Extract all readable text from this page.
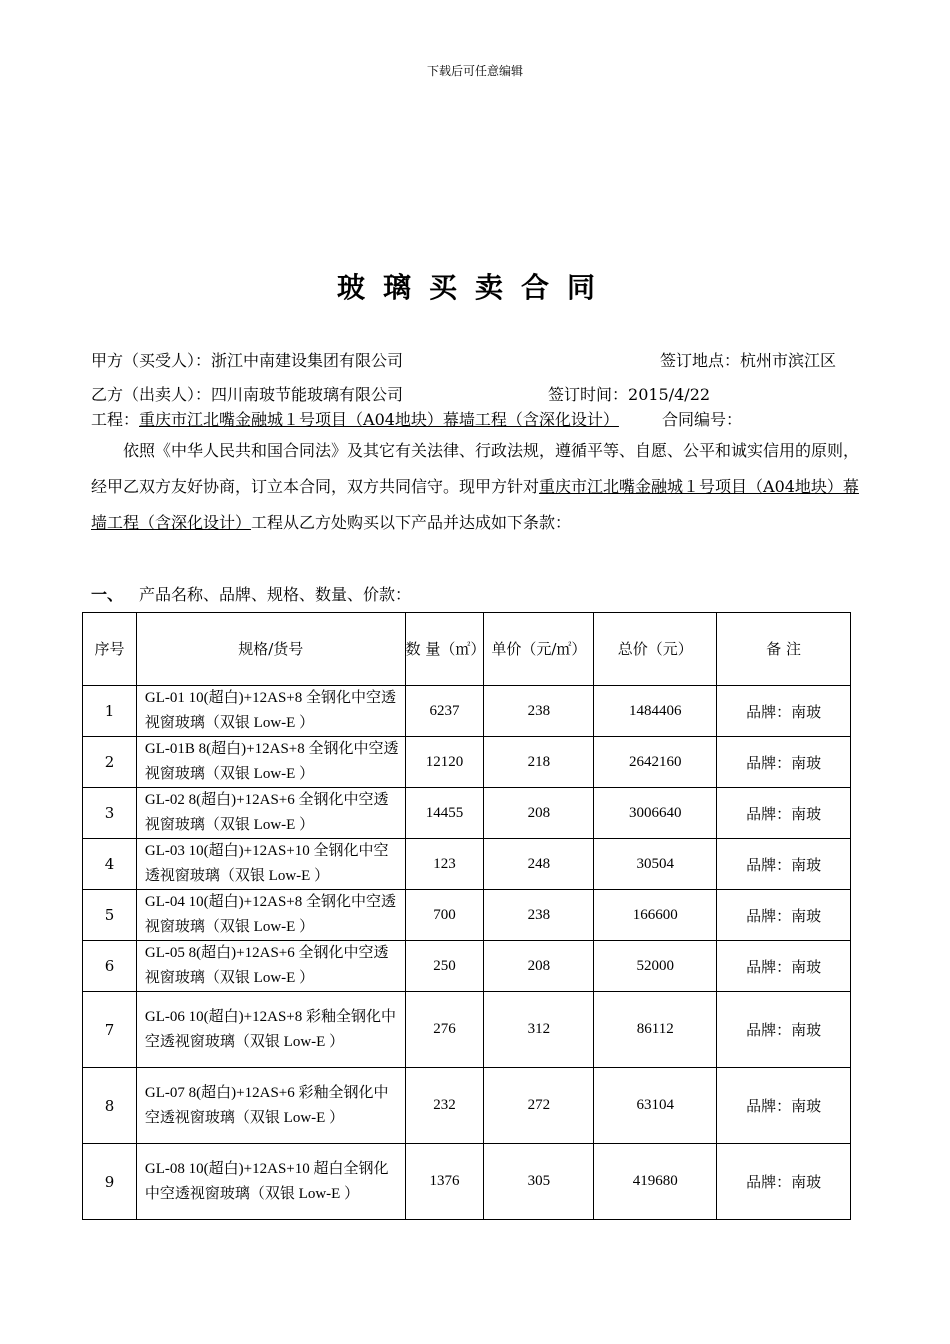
下载后可任意编辑
玻璃买卖合同
甲方（买受人）：浙江中南建设集团有限公司	签订地点：杭州市滨江区
乙方（出卖人）：四川南玻节能玻璃有限公司	签订时间：2015/4/22
工程：重庆市江北嘴金融城１号项目（A04地块）幕墙工程（含深化设计）	合同编号：
依照《中华人民共和国合同法》及其它有关法律、行政法规，遵循平等、自愿、公平和诚实信用的原则，经甲乙双方友好协商，订立本合同，双方共同信守。现甲方针对重庆市江北嘴金融城１号项目（A04地块）幕墙工程（含深化设计）工程从乙方处购买以下产品并达成如下条款：
一、 产品名称、品牌、规格、数量、价款：
序号	规格/货号	数 量（㎡）	单价（元/㎡）	总价（元）	备 注
1	GL-01 10(超白)+12AS+8 全钢化中空透视窗玻璃（双银 Low-E ）	6237	238	1484406	品牌：南玻
2	GL-01B 8(超白)+12AS+8 全钢化中空透视窗玻璃（双银 Low-E ）	12120	218	2642160	品牌：南玻
3	GL-02 8(超白)+12AS+6 全钢化中空透视窗玻璃（双银 Low-E ）	14455	208	3006640	品牌：南玻
4	GL-03 10(超白)+12AS+10 全钢化中空透视窗玻璃（双银 Low-E ）	123	248	30504	品牌：南玻
5	GL-04 10(超白)+12AS+8 全钢化中空透视窗玻璃（双银 Low-E ）	700	238	166600	品牌：南玻
6	GL-05 8(超白)+12AS+6 全钢化中空透视窗玻璃（双银 Low-E ）	250	208	52000	品牌：南玻
7	GL-06 10(超白)+12AS+8 彩釉全钢化中空透视窗玻璃（双银 Low-E ）	276	312	86112	品牌：南玻
8	GL-07 8(超白)+12AS+6 彩釉全钢化中空透视窗玻璃（双银 Low-E ）	232	272	63104	品牌：南玻
9	GL-08 10(超白)+12AS+10 超白全钢化中空透视窗玻璃（双银 Low-E ）	1376	305	419680	品牌：南玻
